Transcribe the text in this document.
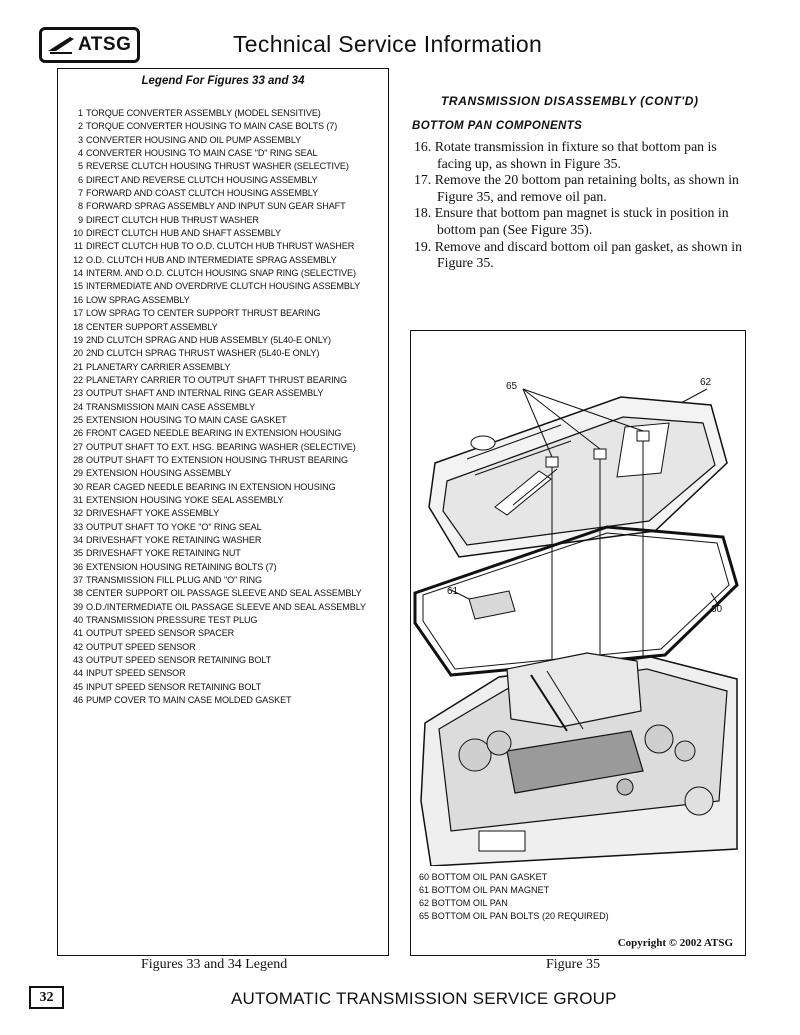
ATSG	Technical Service Information
Legend For Figures 33 and 34
1 TORQUE CONVERTER ASSEMBLY (MODEL SENSITIVE)
2 TORQUE CONVERTER HOUSING TO MAIN CASE BOLTS (7)
3 CONVERTER HOUSING AND OIL PUMP ASSEMBLY
4 CONVERTER HOUSING TO MAIN CASE "D" RING SEAL
5 REVERSE CLUTCH HOUSING THRUST WASHER (SELECTIVE)
6 DIRECT AND REVERSE CLUTCH HOUSING ASSEMBLY
7 FORWARD AND COAST CLUTCH HOUSING ASSEMBLY
8 FORWARD SPRAG ASSEMBLY AND INPUT SUN GEAR SHAFT
9 DIRECT CLUTCH HUB THRUST WASHER
10 DIRECT CLUTCH HUB AND SHAFT ASSEMBLY
11 DIRECT CLUTCH HUB TO O.D. CLUTCH HUB THRUST WASHER
12 O.D. CLUTCH HUB AND INTERMEDIATE SPRAG ASSEMBLY
14 INTERM. AND O.D. CLUTCH HOUSING SNAP RING (SELECTIVE)
15 INTERMEDIATE AND OVERDRIVE CLUTCH HOUSING ASSEMBLY
16 LOW SPRAG ASSEMBLY
17 LOW SPRAG TO CENTER SUPPORT THRUST BEARING
18 CENTER SUPPORT ASSEMBLY
19 2ND CLUTCH SPRAG AND HUB ASSEMBLY (5L40-E ONLY)
20 2ND CLUTCH SPRAG THRUST WASHER (5L40-E ONLY)
21 PLANETARY CARRIER ASSEMBLY
22 PLANETARY CARRIER TO OUTPUT SHAFT THRUST BEARING
23 OUTPUT SHAFT AND INTERNAL RING GEAR ASSEMBLY
24 TRANSMISSION MAIN CASE ASSEMBLY
25 EXTENSION HOUSING TO MAIN CASE GASKET
26 FRONT CAGED NEEDLE BEARING IN EXTENSION HOUSING
27 OUTPUT SHAFT TO EXT. HSG. BEARING WASHER (SELECTIVE)
28 OUTPUT SHAFT TO EXTENSION HOUSING THRUST BEARING
29 EXTENSION HOUSING ASSEMBLY
30 REAR CAGED NEEDLE BEARING IN EXTENSION HOUSING
31 EXTENSION HOUSING YOKE SEAL ASSEMBLY
32 DRIVESHAFT YOKE ASSEMBLY
33 OUTPUT SHAFT TO YOKE "O" RING SEAL
34 DRIVESHAFT YOKE RETAINING WASHER
35 DRIVESHAFT YOKE RETAINING NUT
36 EXTENSION HOUSING RETAINING BOLTS (7)
37 TRANSMISSION FILL PLUG AND "O" RING
38 CENTER SUPPORT OIL PASSAGE SLEEVE AND SEAL ASSEMBLY
39 O.D./INTERMEDIATE OIL PASSAGE SLEEVE AND SEAL ASSEMBLY
40 TRANSMISSION PRESSURE TEST PLUG
41 OUTPUT SPEED SENSOR SPACER
42 OUTPUT SPEED SENSOR
43 OUTPUT SPEED SENSOR RETAINING BOLT
44 INPUT SPEED SENSOR
45 INPUT SPEED SENSOR RETAINING BOLT
46 PUMP COVER TO MAIN CASE MOLDED GASKET
TRANSMISSION DISASSEMBLY (CONT'D)
BOTTOM PAN COMPONENTS
16. Rotate transmission in fixture so that bottom pan is facing up, as shown in Figure 35.
17. Remove the 20 bottom pan retaining bolts, as shown in Figure 35, and remove oil pan.
18. Ensure that bottom pan magnet is stuck in position in bottom pan (See Figure 35).
19. Remove and discard bottom oil pan gasket, as shown in Figure 35.
65	62
61
60
60 BOTTOM OIL PAN GASKET
61 BOTTOM OIL PAN MAGNET
62 BOTTOM OIL PAN
65 BOTTOM OIL PAN BOLTS (20 REQUIRED)
Copyright © 2002 ATSG
Figures 33 and 34 Legend	Figure 35
32	AUTOMATIC TRANSMISSION SERVICE GROUP
